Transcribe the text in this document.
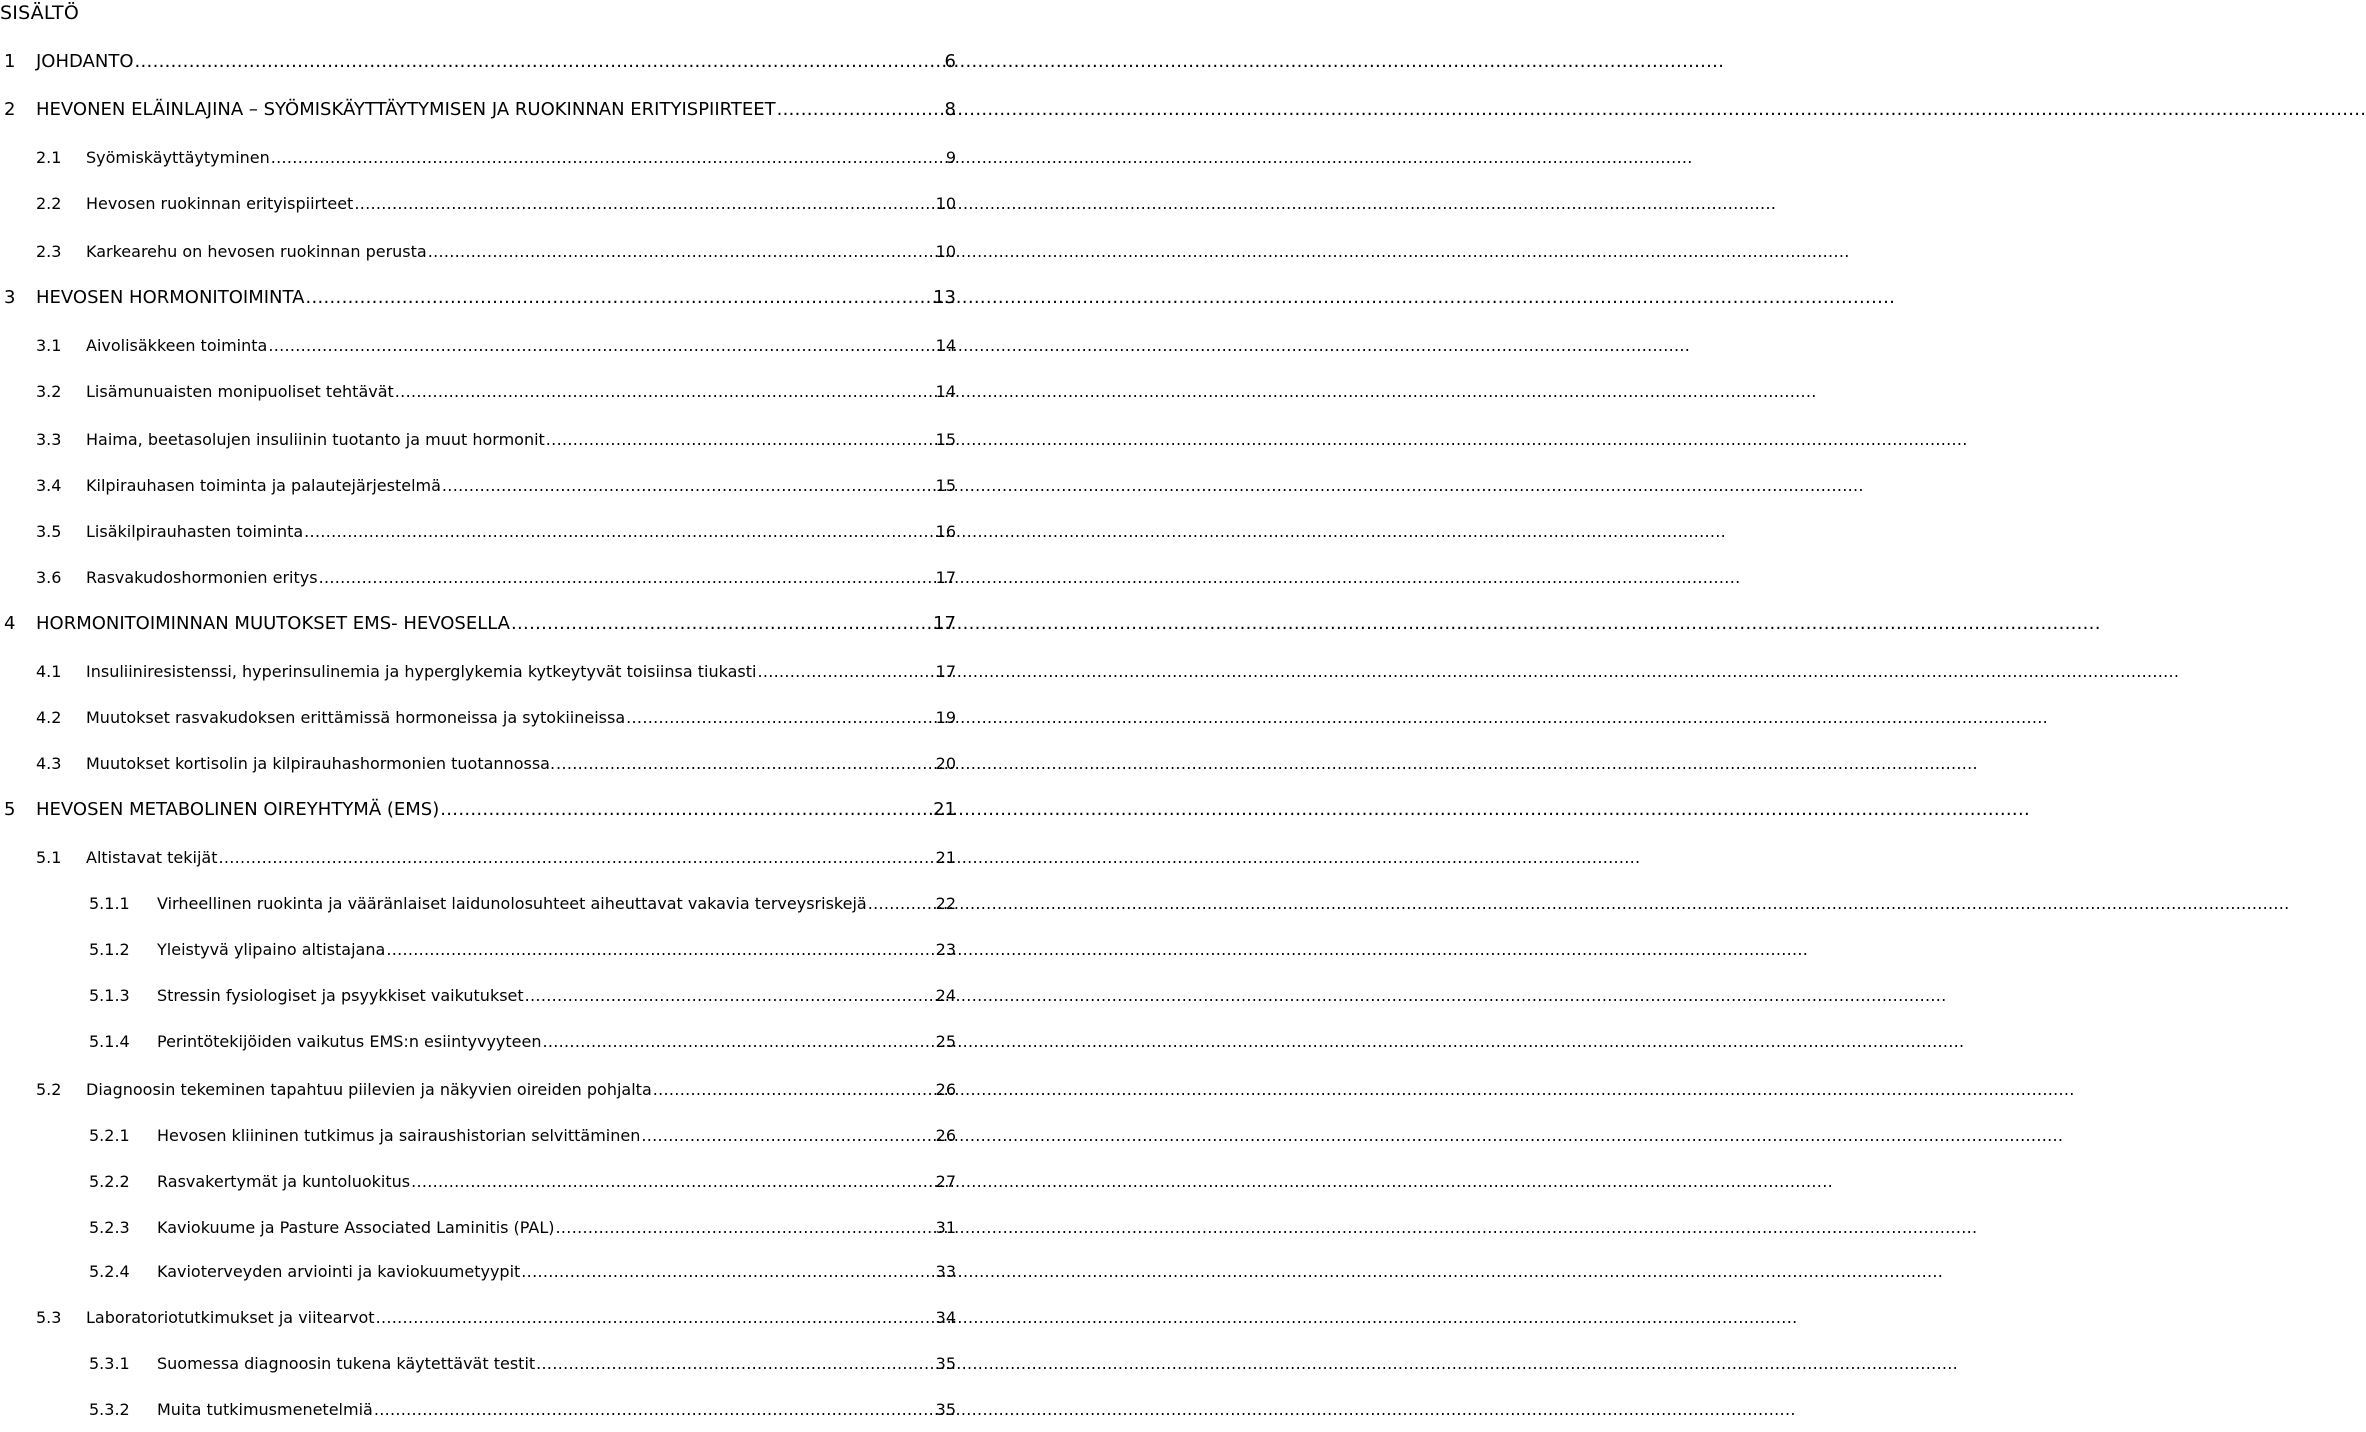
SISÄLTÖ
1	JOHDANTO .....	6
2	HEVONEN ELÄINLAJINA – SYÖMISKÄYTTÄYTYMISEN JA RUOKINNAN ERITYISPIIRTEET .....	8
2.1	Syömiskäyttäytyminen .....	9
2.2	Hevosen ruokinnan erityispiirteet .....	10
2.3	Karkearehu on hevosen ruokinnan perusta .....	10
3	HEVOSEN HORMONITOIMINTA .....	13
3.1	Aivolisäkkeen toiminta .....	14
3.2	Lisämunuaisten monipuoliset tehtävät .....	14
3.3	Haima, beetasolujen insuliinin tuotanto ja muut hormonit .....	15
3.4	Kilpirauhasen toiminta ja palautejärjestelmä .....	15
3.5	Lisäkilpirauhasten toiminta .....	16
3.6	Rasvakudoshormonien eritys .....	17
4	HORMONITOIMINNAN MUUTOKSET EMS- HEVOSELLA .....	17
4.1	Insuliiniresistenssi, hyperinsulinemia ja hyperglykemia kytkeytyvät toisiinsa tiukasti .....	17
4.2	Muutokset rasvakudoksen erittämissä hormoneissa ja sytokiineissa .....	19
4.3	Muutokset kortisolin ja kilpirauhashormonien tuotannossa. .....	20
5	HEVOSEN METABOLINEN OIREYHTYMÄ (EMS) .....	21
5.1	Altistavat tekijät .....	21
5.1.1	Virheellinen ruokinta ja vääränlaiset laidunolosuhteet aiheuttavat vakavia terveysriskejä .....	22
5.1.2	Yleistyvä ylipaino altistajana .....	23
5.1.3	Stressin fysiologiset ja psyykkiset vaikutukset .....	24
5.1.4	Perintötekijöiden vaikutus EMS:n esiintyvyyteen .....	25
5.2	Diagnoosin tekeminen tapahtuu piilevien ja näkyvien oireiden pohjalta .....	26
5.2.1	Hevosen kliininen tutkimus ja sairaushistorian selvittäminen .....	26
5.2.2	Rasvakertymät ja kuntoluokitus .....	27
5.2.3	Kaviokuume ja Pasture Associated Laminitis (PAL) .....	31
5.2.4	Kavioterveyden arviointi ja kaviokuumetyypit .....	33
5.3	Laboratoriotutkimukset ja viitearvot .....	34
5.3.1	Suomessa diagnoosin tukena käytettävät testit .....	35
5.3.2	Muita tutkimusmenetelmiä .....	35
